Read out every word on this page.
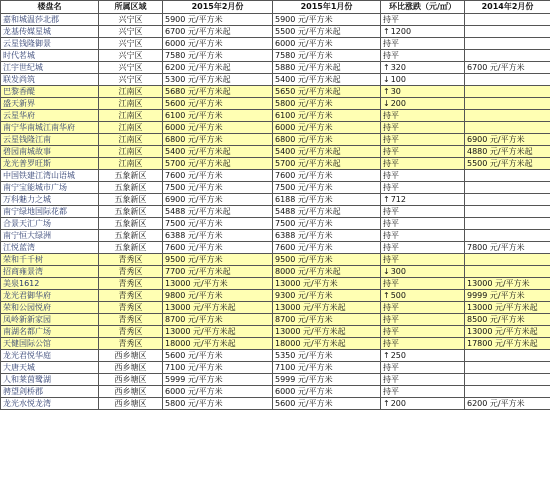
楼盘名	所属区域	2015年2月份	2015年1月份	环比涨跌（元/㎡）	2014年2月份
嘉和城温莎北郡	兴宁区	5900 元/平方米	5900 元/平方米	持平	
龙基传媒星城	兴宁区	6700 元/平方米起	5500 元/平方米起	↑1200	
云星钱隆御景	兴宁区	6000 元/平方米	6000 元/平方米	持平	
时代茗城	兴宁区	7580 元/平方米	7580 元/平方米	持平	
江宇世纪城	兴宁区	6200 元/平方米起	5880 元/平方米起	↑320	6700 元/平方米
联发尚筑	兴宁区	5300 元/平方米起	5400 元/平方米起	↓100	
巴黎香醍	江南区	5680 元/平方米起	5650 元/平方米起	↑30	
盛天新界	江南区	5600 元/平方米	5800 元/平方米	↓200	
云星华府	江南区	6100 元/平方米	6100 元/平方米	持平	
南宁华南城江南华府	江南区	6000 元/平方米	6000 元/平方米	持平	
云星钱隆江南	江南区	6800 元/平方米	6800 元/平方米	持平	6900 元/平方米
碧园南城故事	江南区	5400 元/平方米起	5400 元/平方米起	持平	4880 元/平方米起
龙光普罗旺斯	江南区	5700 元/平方米起	5700 元/平方米起	持平	5500 元/平方米起
中国铁建江湾山语城	五象新区	7600 元/平方米	7600 元/平方米	持平	
南宁宝能城市广场	五象新区	7500 元/平方米	7500 元/平方米	持平	
万科魅力之城	五象新区	6900 元/平方米	6188 元/平方米	↑712	
南宁绿地国际花都	五象新区	5488 元/平方米起	5488 元/平方米起	持平	
合景天汇广场	五象新区	7500 元/平方米	7500 元/平方米	持平	
南宁恒大绿洲	五象新区	6388 元/平方米	6388 元/平方米	持平	
江悦蓝湾	五象新区	7600 元/平方米	7600 元/平方米	持平	7800 元/平方米
荣和千千树	青秀区	9500 元/平方米	9500 元/平方米	持平	
招商雍景湾	青秀区	7700 元/平方米起	8000 元/平方米起	↓300	
美泉1612	青秀区	13000 元/平方米	13000 元/平方米	持平	13000 元/平方米
龙光君御华府	青秀区	9800 元/平方米	9300 元/平方米	↑500	9999 元/平方米
荣和公园悦府	青秀区	13000 元/平方米起	13000 元/平方米起	持平	13000 元/平方米起
凤岭新新家园	青秀区	8700 元/平方米	8700 元/平方米	持平	8500 元/平方米
南湖名都广场	青秀区	13000 元/平方米起	13000 元/平方米起	持平	13000 元/平方米起
天健国际公馆	青秀区	18000 元/平方米起	18000 元/平方米起	持平	17800 元/平方米起
龙光君悦华庭	西乡塘区	5600 元/平方米	5350 元/平方米	↑250	
大唐天城	西乡塘区	7100 元/平方米	7100 元/平方米	持平	
人和莱茵鹭湖	西乡塘区	5999 元/平方米	5999 元/平方米	持平	
骋望剑桥郡	西乡塘区	6000 元/平方米	6000 元/平方米	持平	
龙光水悦龙湾	西乡塘区	5800 元/平方米	5600 元/平方米	↑200	6200 元/平方米
